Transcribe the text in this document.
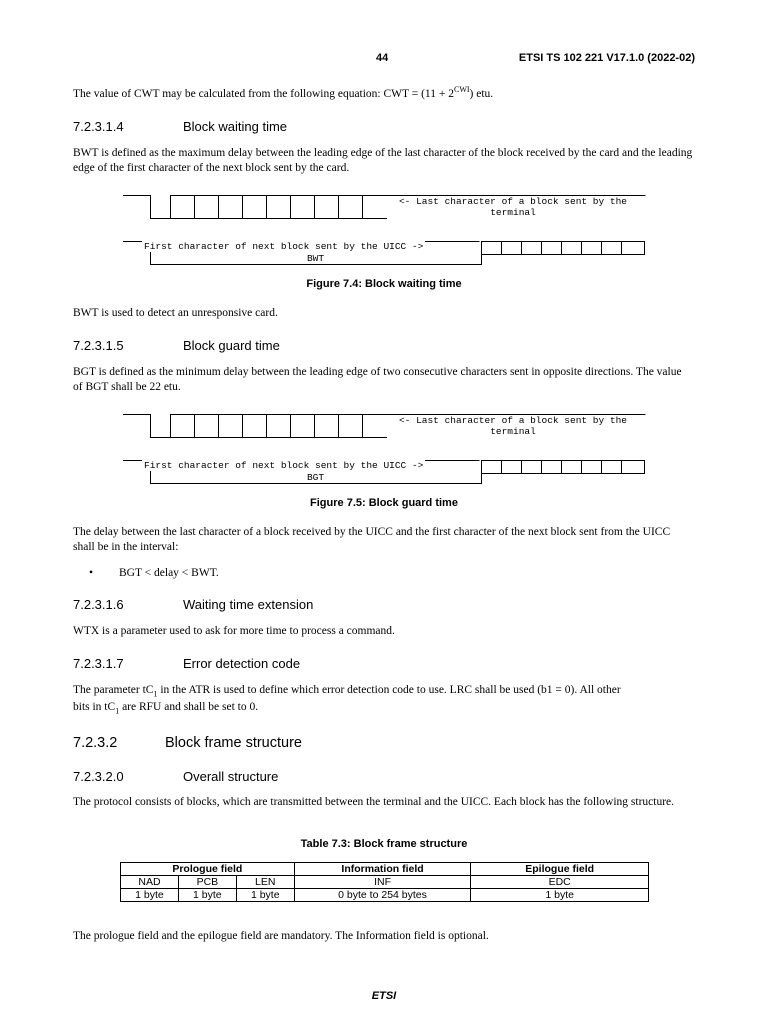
44	ETSI TS 102 221 V17.1.0 (2022-02)
The value of CWT may be calculated from the following equation: CWT = $(11 + 2^{CWI})$ etu.
7.2.3.1.4	Block waiting time
BWT is defined as the maximum delay between the leading edge of the last character of the block received by the card and the leading edge of the first character of the next block sent by the card.
<- Last character of a block sent by the
terminal
First character of next block sent by the UICC ->
BWT
Figure 7.4: Block waiting time
BWT is used to detect an unresponsive card.
7.2.3.1.5	Block guard time
BGT is defined as the minimum delay between the leading edge of two consecutive characters sent in opposite directions. The value of BGT shall be 22 etu.
<- Last character of a block sent by the
terminal
First character of next block sent by the UICC ->
BGT
Figure 7.5: Block guard time
The delay between the last character of a block received by the UICC and the first character of the next block sent from the UICC shall be in the interval:
• BGT < delay < BWT.
7.2.3.1.6	Waiting time extension
WTX is a parameter used to ask for more time to process a command.
7.2.3.1.7	Error detection code
The parameter $tC_1$ in the ATR is used to define which error detection code to use. LRC shall be used (b1 = 0). All other
bits in $tC_1$ are RFU and shall be set to 0.
7.2.3.2	Block frame structure
7.2.3.2.0	Overall structure
The protocol consists of blocks, which are transmitted between the terminal and the UICC. Each block has the following structure.
Table 7.3: Block frame structure
Prologue field			Information field	Epilogue field
NAD	PCB	LEN	INF	EDC
1 byte	1 byte	1 byte	0 byte to 254 bytes	1 byte
The prologue field and the epilogue field are mandatory. The Information field is optional.
ETSI
